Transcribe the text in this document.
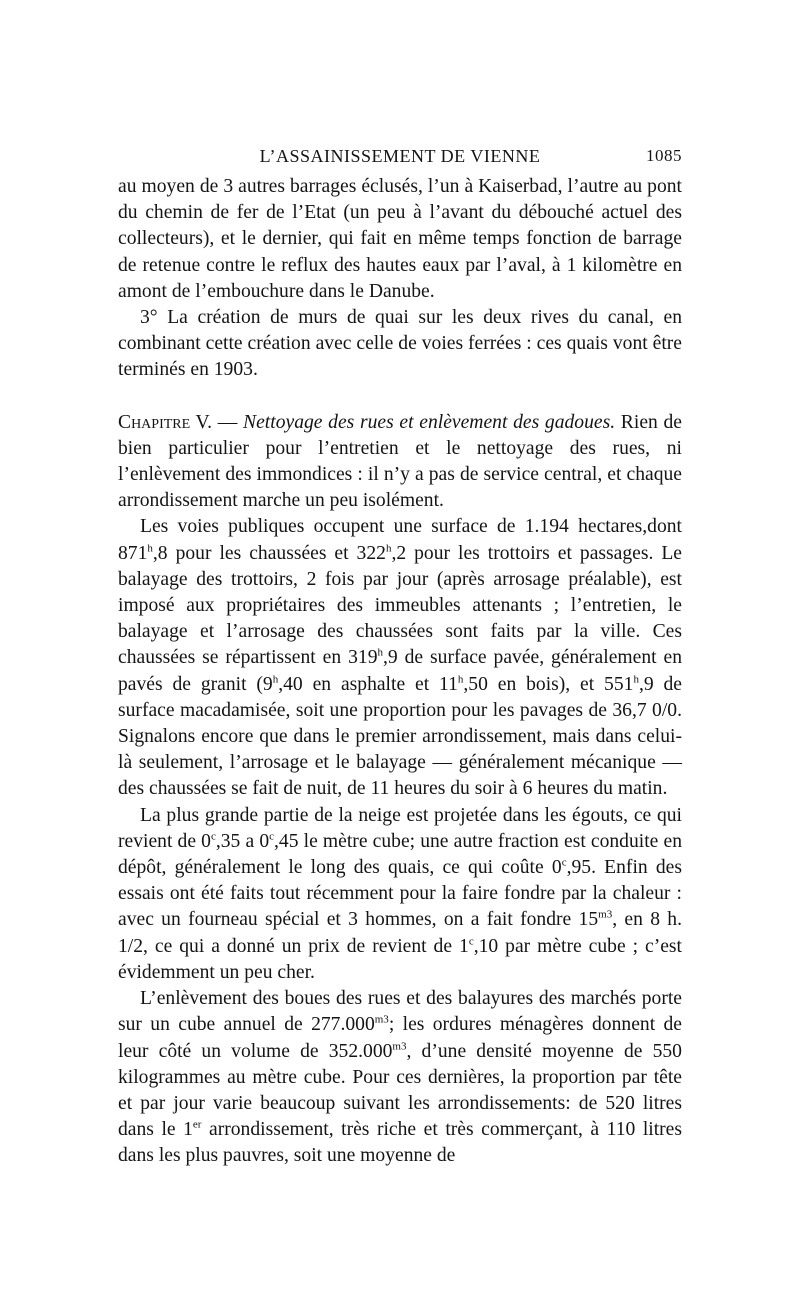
L’ASSAINISSEMENT DE VIENNE	1085

au moyen de 3 autres barrages éclusés, l’un à Kaiserbad, l’autre au pont du chemin de fer de l’Etat (un peu à l’avant du débouché actuel des collecteurs), et le dernier, qui fait en même temps fonction de barrage de retenue contre le reflux des hautes eaux par l’aval, à 1 kilomètre en amont de l’embouchure dans le Danube.

3° La création de murs de quai sur les deux rives du canal, en combinant cette création avec celle de voies ferrées : ces quais vont être terminés en 1903.

Chapitre V. — Nettoyage des rues et enlèvement des gadoues. Rien de bien particulier pour l’entretien et le nettoyage des rues, ni l’enlèvement des immondices : il n’y a pas de service central, et chaque arrondissement marche un peu isolément.

Les voies publiques occupent une surface de 1.194 hectares,dont 871$^h$,8 pour les chaussées et 322$^h$,2 pour les trottoirs et passages. Le balayage des trottoirs, 2 fois par jour (après arrosage préalable), est imposé aux propriétaires des immeubles attenants ; l’entretien, le balayage et l’arrosage des chaussées sont faits par la ville. Ces chaussées se répartissent en 319$^h$,9 de surface pavée, généralement en pavés de granit (9$^h$,40 en asphalte et 11$^h$,50 en bois), et 551$^h$,9 de surface macadamisée, soit une proportion pour les pavages de 36,7 0/0. Signalons encore que dans le premier arrondissement, mais dans celui-là seulement, l’arrosage et le balayage — généralement mécanique — des chaussées se fait de nuit, de 11 heures du soir à 6 heures du matin.

La plus grande partie de la neige est projetée dans les égouts, ce qui revient de 0$^c$,35 a 0$^c$,45 le mètre cube; une autre fraction est conduite en dépôt, généralement le long des quais, ce qui coûte 0$^c$,95. Enfin des essais ont été faits tout récemment pour la faire fondre par la chaleur : avec un fourneau spécial et 3 hommes, on a fait fondre $15^{m3}$, en 8 h. 1/2, ce qui a donné un prix de revient de 1$^c$,10 par mètre cube ; c’est évidemment un peu cher.

L’enlèvement des boues des rues et des balayures des marchés porte sur un cube annuel de $277.000^{m3}$; les ordures ménagères donnent de leur côté un volume de $352.000^{m3}$, d’une densité moyenne de 550 kilogrammes au mètre cube. Pour ces dernières, la proportion par tête et par jour varie beaucoup suivant les arrondissements: de 520 litres dans le 1er arrondissement, très riche et très commerçant, à 110 litres dans les plus pauvres, soit une moyenne de
